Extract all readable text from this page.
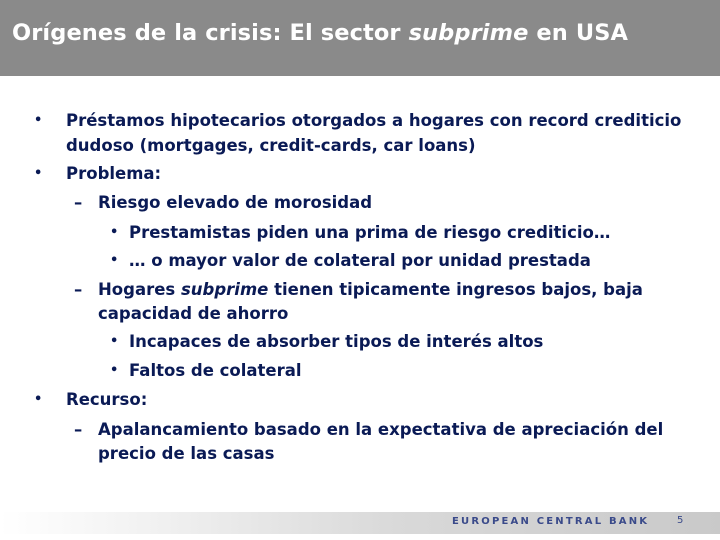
Orígenes de la crisis: El sector subprime en USA
• Préstamos hipotecarios otorgados a hogares con record crediticio
dudoso (mortgages, credit-cards, car loans)
• Problema:
– Riesgo elevado de morosidad
• Prestamistas piden una prima de riesgo crediticio…
• … o mayor valor de colateral por unidad prestada
– Hogares subprime tienen tipicamente ingresos bajos, baja
capacidad de ahorro
• Incapaces de absorber tipos de interés altos
• Faltos de colateral
• Recurso:
– Apalancamiento basado en la expectativa de apreciación del
precio de las casas
EUROPEAN CENTRAL BANK	5
